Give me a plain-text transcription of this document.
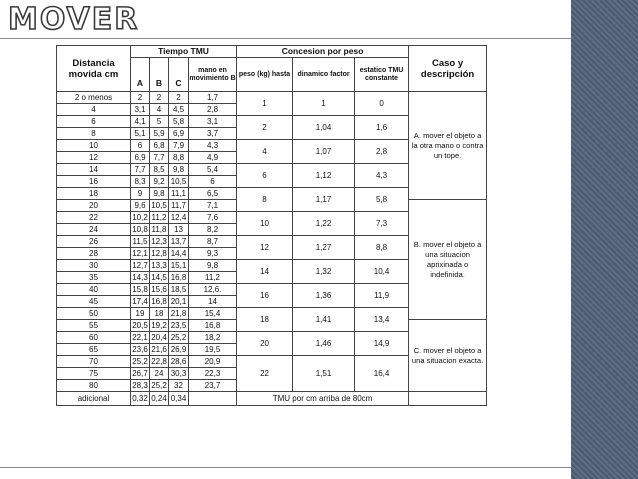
MOVER
Distancia movida cm	Tiempo TMU				Concesion por peso			Caso y descripción
	A	B	C	mano en movimiento B	peso (kg) hasta	dinamico factor	estatico TMU constante	
2 o menos	2	2	2	1,7	1	1	0	A. mover el objeto a la otra mano o contra un tope.
4	3,1	4	4,5	2,8				
6	4,1	5	5,8	3,1	2	1,04	1,6	
8	5,1	5,9	6,9	3,7				
10	6	6,8	7,9	4,3	4	1,07	2,8	
12	6,9	7,7	8,8	4,9				
14	7,7	8,5	9,8	5,4	6	1,12	4,3	
16	8,3	9,2	10,5	6				
18	9	9,8	11,1	6,5	8	1,17	5,8	
20	9,6	10,5	11,7	7,1				B. mover el objeto a una situacion aprixinada o indefinida.
22	10,2	11,2	12,4	7,6	10	1,22	7,3	
24	10,8	11,8	13	8,2				
26	11,5	12,3	13,7	8,7	12	1,27	8,8	
28	12,1	12,8	14,4	9,3				
30	12,7	13,3	15,1	9,8	14	1,32	10,4	
35	14,3	14,5	16,8	11,2				
40	15,8	15,6	18,5	12,6.	16	1,36	11,9	
45	17,4	16,8	20,1	14				
50	19	18	21,8	15,4	18	1,41	13,4	
55	20,5	19,2	23,5	16,8				C. mover el objeto a una situacion exacta.
60	22,1	20,4	25,2	18,2	20	1,46	14,9	
65	23,6	21,6	26,9	19,5				
70	25,2	22,8	28,6	20,9	22	1,51	16,4	
75	26,7	24	30,3	22,3				
80	28,3	25,2	32	23,7				
adicional	0,32	0,24	0,34		TMU por cm arriba de 80cm			
